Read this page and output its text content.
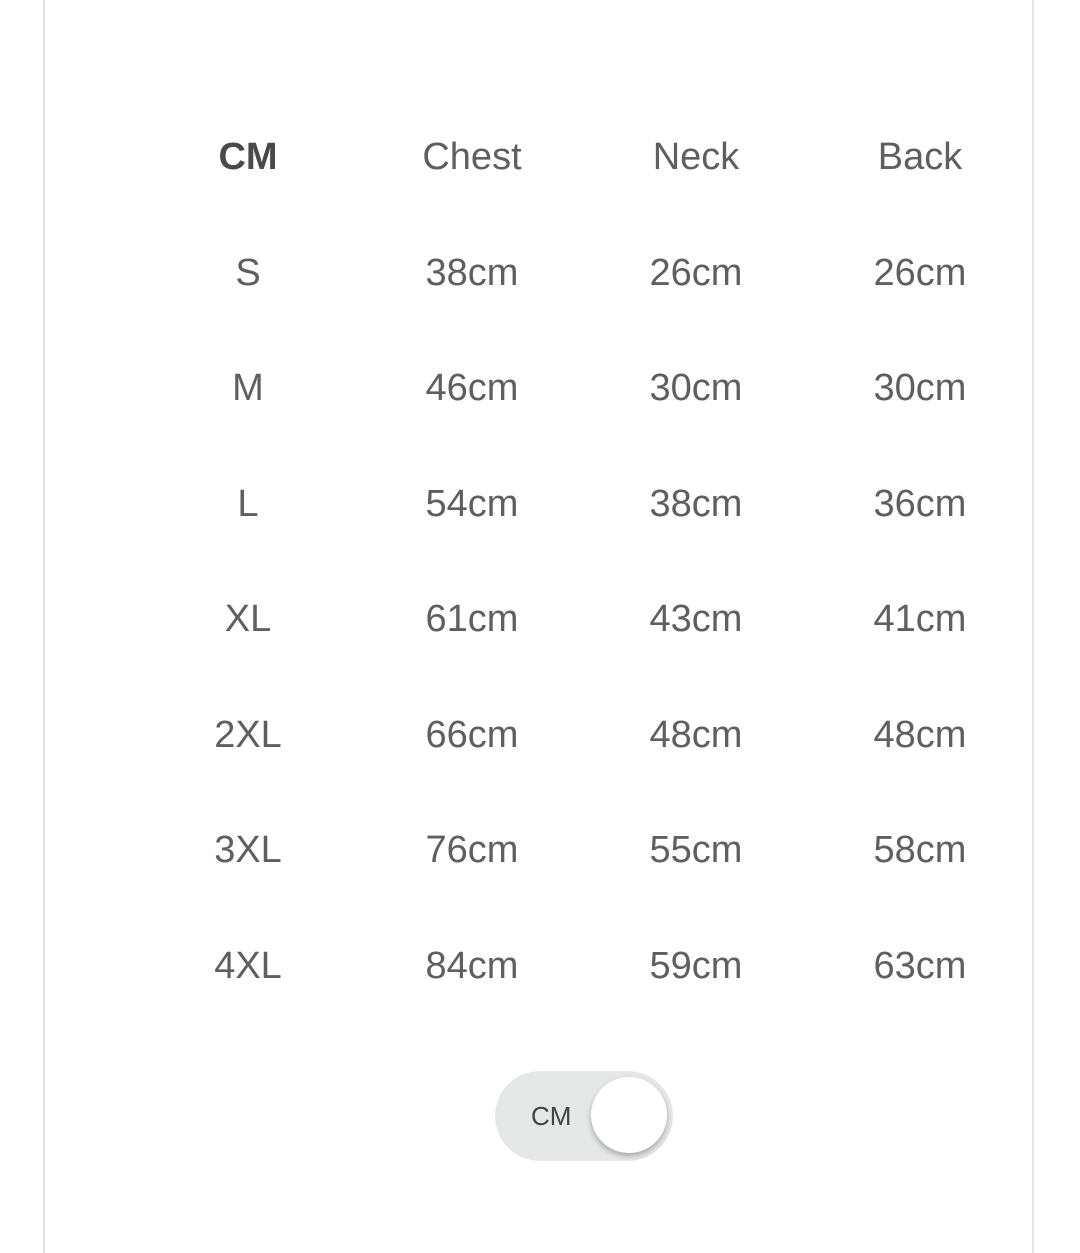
CM	Chest	Neck	Back
S	38cm	26cm	26cm
M	46cm	30cm	30cm
L	54cm	38cm	36cm
XL	61cm	43cm	41cm
2XL	66cm	48cm	48cm
3XL	76cm	55cm	58cm
4XL	84cm	59cm	63cm
CM
